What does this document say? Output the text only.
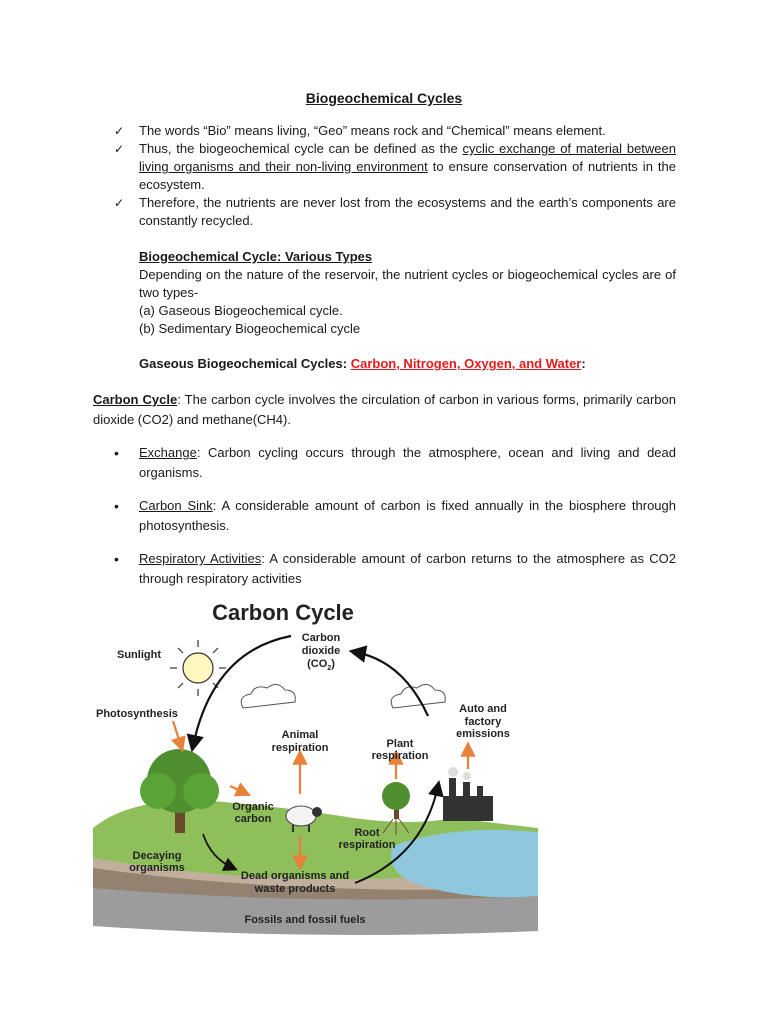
Biogeochemical Cycles
✓ The words “Bio” means living, “Geo” means rock and “Chemical” means element.
✓ Thus, the biogeochemical cycle can be defined as the cyclic exchange of material between living organisms and their non-living environment to ensure conservation of nutrients in the ecosystem.
✓ Therefore, the nutrients are never lost from the ecosystems and the earth’s components are constantly recycled.

Biogeochemical Cycle: Various Types

Depending on the nature of the reservoir, the nutrient cycles or biogeochemical cycles are of two types-

(a) Gaseous Biogeochemical cycle.

(b) Sedimentary Biogeochemical cycle

Gaseous Biogeochemical Cycles: Carbon, Nitrogen, Oxygen, and Water:
Carbon Cycle: The carbon cycle involves the circulation of carbon in various forms, primarily carbon dioxide (CO2) and methane(CH4).
• Exchange: Carbon cycling occurs through the atmosphere, ocean and living and dead organisms.
• Carbon Sink: A considerable amount of carbon is fixed annually in the biosphere through photosynthesis.
• Respiratory Activities: A considerable amount of carbon returns to the atmosphere as CO2 through respiratory activities
Carbon Cycle
Sunlight
Carbon
dioxide
$(CO_2)$
Photosynthesis
Animal
respiration	Plant
respiration
Auto and
factory
emissions
Organic
carbon
Root
respiration
Decaying
organisms
Dead organisms and
waste products
Fossils and fossil fuels
